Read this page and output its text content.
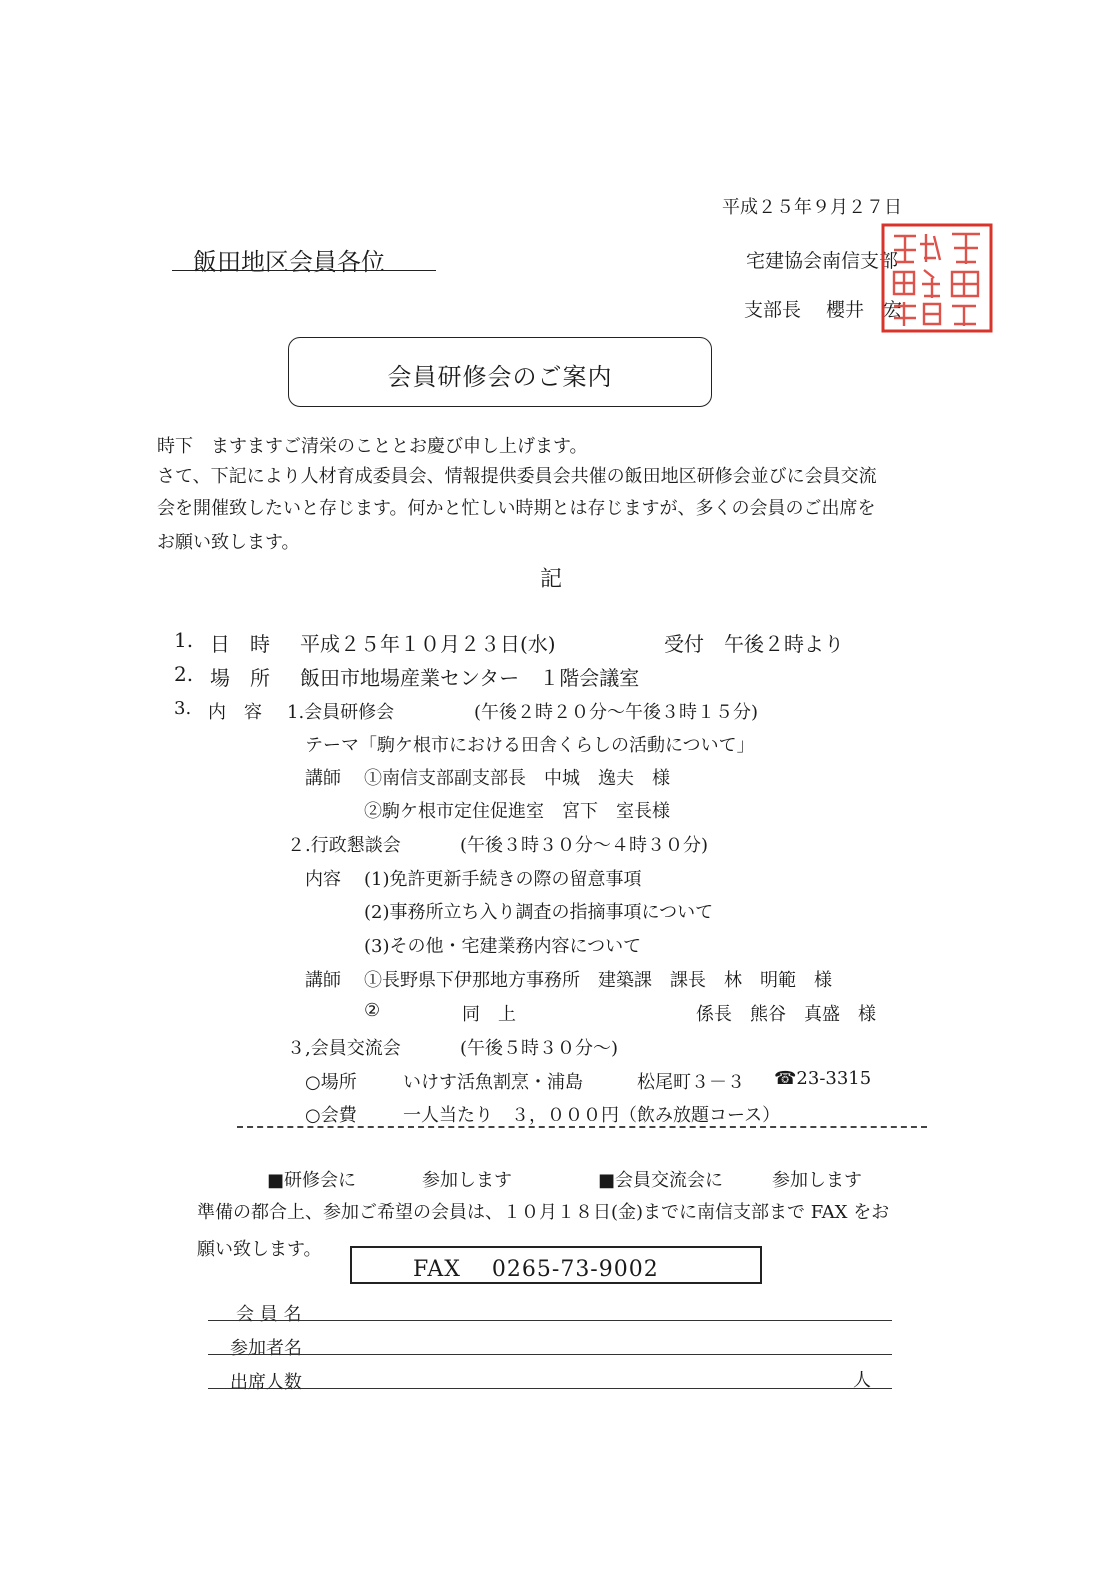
平成２５年９月２７日
飯田地区会員各位	宅建協会南信支部
支部長 櫻井　宏
会員研修会のご案内
時下　ますますご清栄のこととお慶び申し上げます。
さて、下記により人材育成委員会、情報提供委員会共催の飯田地区研修会並びに会員交流
会を開催致したいと存じます。何かと忙しい時期とは存じますが、多くの会員のご出席を
お願い致します。
記
1. 日　時 平成２５年１０月２３日(水)	受付　午後２時より
2. 場　所 飯田市地場産業センター　１階会議室
3. 内　容 1.会員研修会	(午後２時２０分～午後３時１５分)
テーマ「駒ケ根市における田舎くらしの活動について」
講師 ①南信支部副支部長　中城　逸夫　様
②駒ケ根市定住促進室　宮下　室長様
２.行政懇談会	(午後３時３０分～４時３０分)
内容 (1)免許更新手続きの際の留意事項
(2)事務所立ち入り調査の指摘事項について
(3)その他・宅建業務内容について
講師 ①長野県下伊那地方事務所　建築課　課長　林　明範　様
②	同　上	係長　熊谷　真盛　様
３,会員交流会	(午後５時３０分～)
○場所	いけす活魚割烹・浦島	松尾町３－３ ☎23-3315
○会費	一人当たり　３，０００円（飲み放題コース）
■研修会に	参加します	■会員交流会に	参加します
準備の都合上、参加ご希望の会員は、１０月１８日(金)までに南信支部まで FAX をお
願い致します。
FAX　 0265-73-9002
会 員 名
参加者名
出席人数	人
